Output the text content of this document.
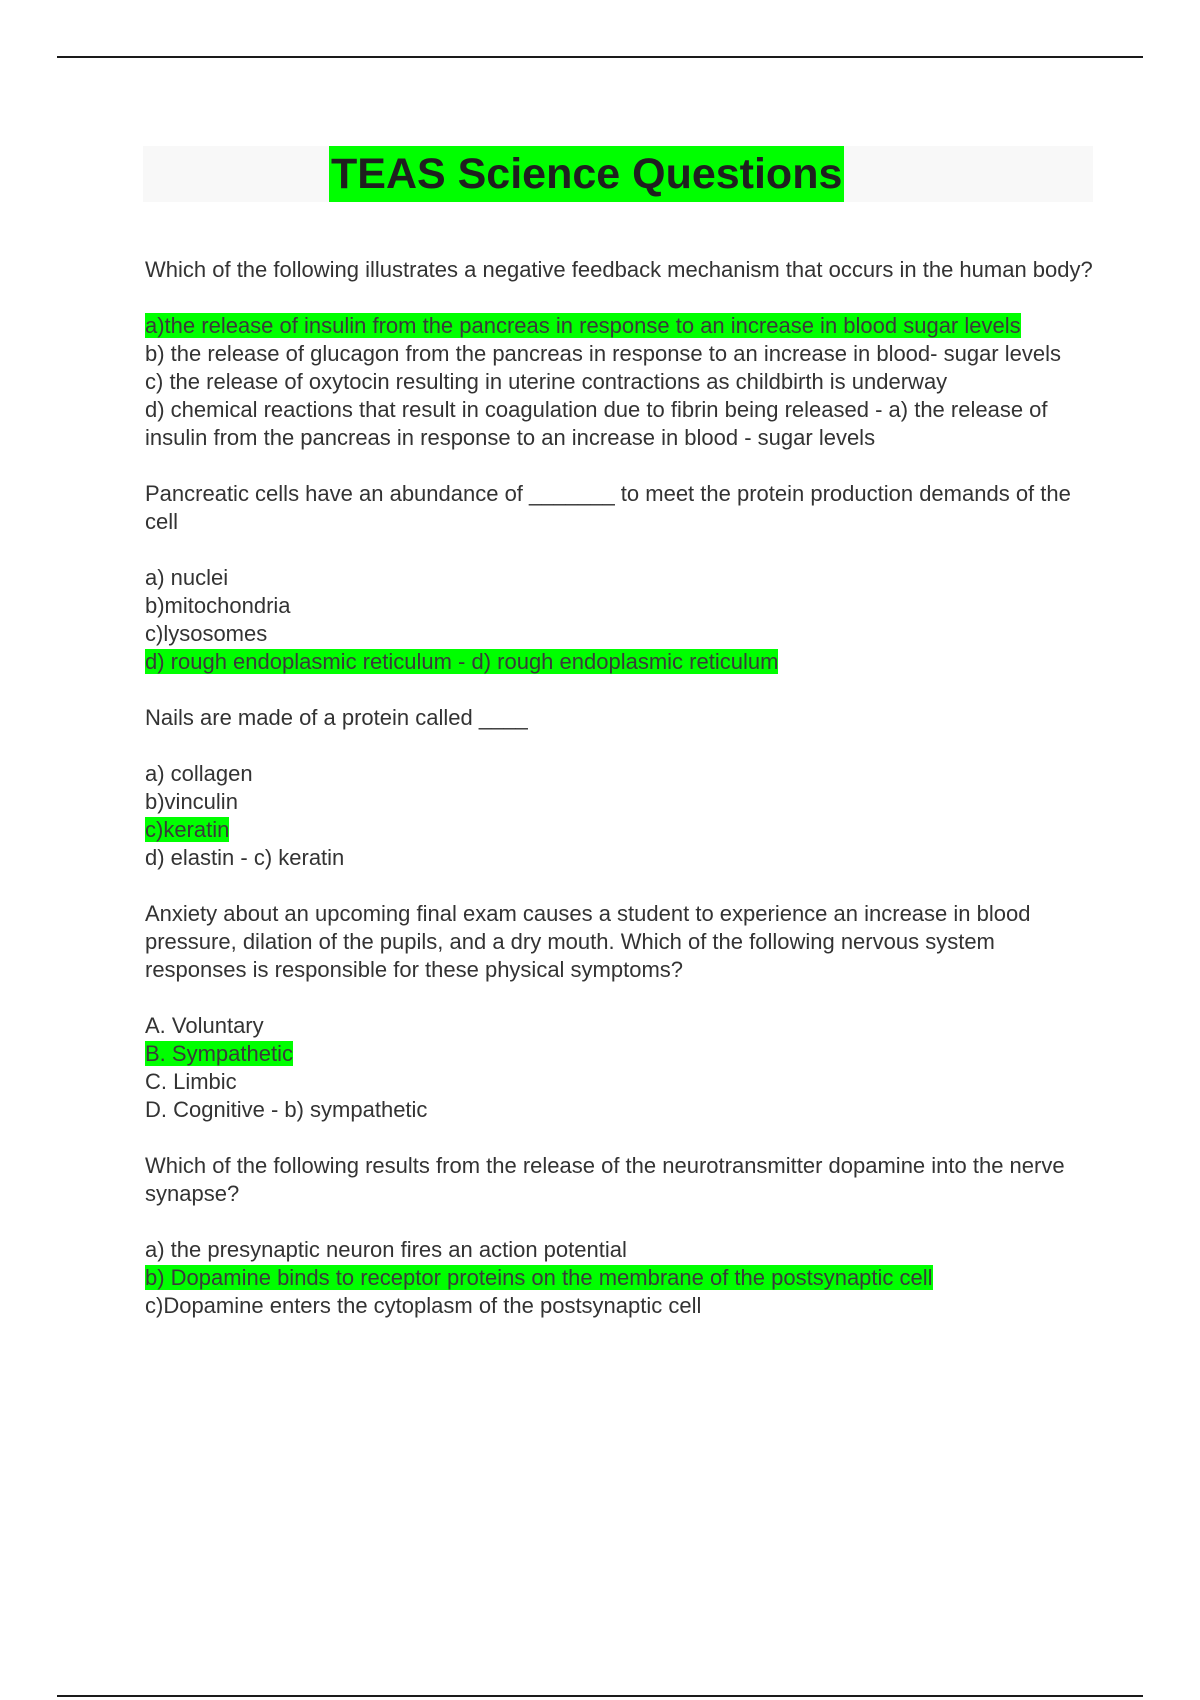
TEAS Science Questions
Which of the following illustrates a negative feedback mechanism that occurs in the human body?
a)the release of insulin from the pancreas in response to an increase in blood sugar levels
b) the release of glucagon from the pancreas in response to an increase in blood- sugar levels
c) the release of oxytocin resulting in uterine contractions as childbirth is underway
d) chemical reactions that result in coagulation due to fibrin being released - a) the release of insulin from the pancreas in response to an increase in blood - sugar levels
Pancreatic cells have an abundance of _______ to meet the protein production demands of the cell
a) nuclei
b)mitochondria
c)lysosomes
d) rough endoplasmic reticulum - d) rough endoplasmic reticulum
Nails are made of a protein called ____
a) collagen
b)vinculin
c)keratin
d) elastin - c) keratin
Anxiety about an upcoming final exam causes a student to experience an increase in blood pressure, dilation of the pupils, and a dry mouth. Which of the following nervous system responses is responsible for these physical symptoms?
A. Voluntary
B. Sympathetic
C. Limbic
D. Cognitive - b) sympathetic
Which of the following results from the release of the neurotransmitter dopamine into the nerve synapse?
a) the presynaptic neuron fires an action potential
b) Dopamine binds to receptor proteins on the membrane of the postsynaptic cell
c)Dopamine enters the cytoplasm of the postsynaptic cell
